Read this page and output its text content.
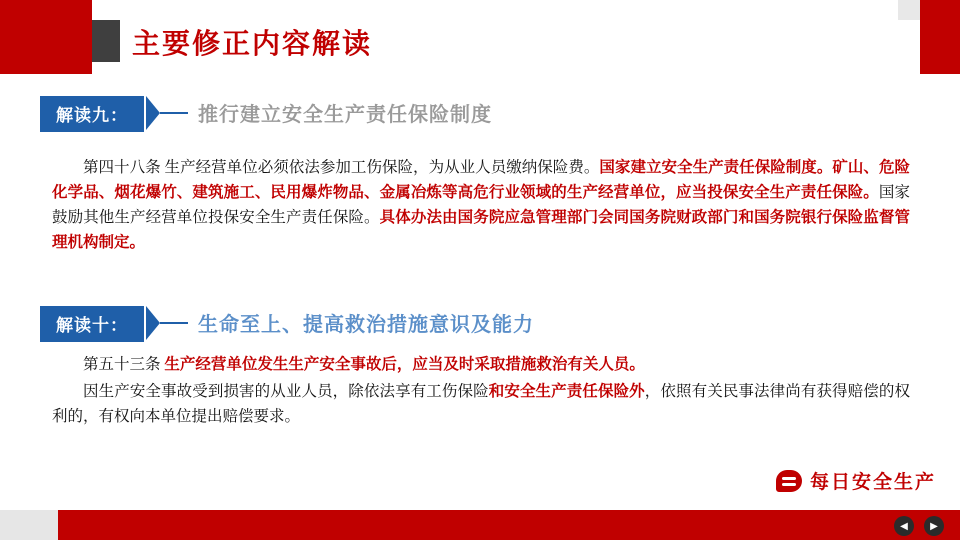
主要修正内容解读
解读九：	推行建立安全生产责任保险制度

第四十八条 生产经营单位必须依法参加工伤保险，为从业人员缴纳保险费。国家建立安全生产责任保险制度。矿山、危险化学品、烟花爆竹、建筑施工、民用爆炸物品、金属冶炼等高危行业领域的生产经营单位，应当投保安全生产责任保险。国家鼓励其他生产经营单位投保安全生产责任保险。具体办法由国务院应急管理部门会同国务院财政部门和国务院银行保险监督管理机构制定。

解读十：	生命至上、提高救治措施意识及能力

第五十三条 生产经营单位发生生产安全事故后，应当及时采取措施救治有关人员。

因生产安全事故受到损害的从业人员，除依法享有工伤保险和安全生产责任保险外，依照有关民事法律尚有获得赔偿的权利的，有权向本单位提出赔偿要求。

每日安全生产
◀	▶
